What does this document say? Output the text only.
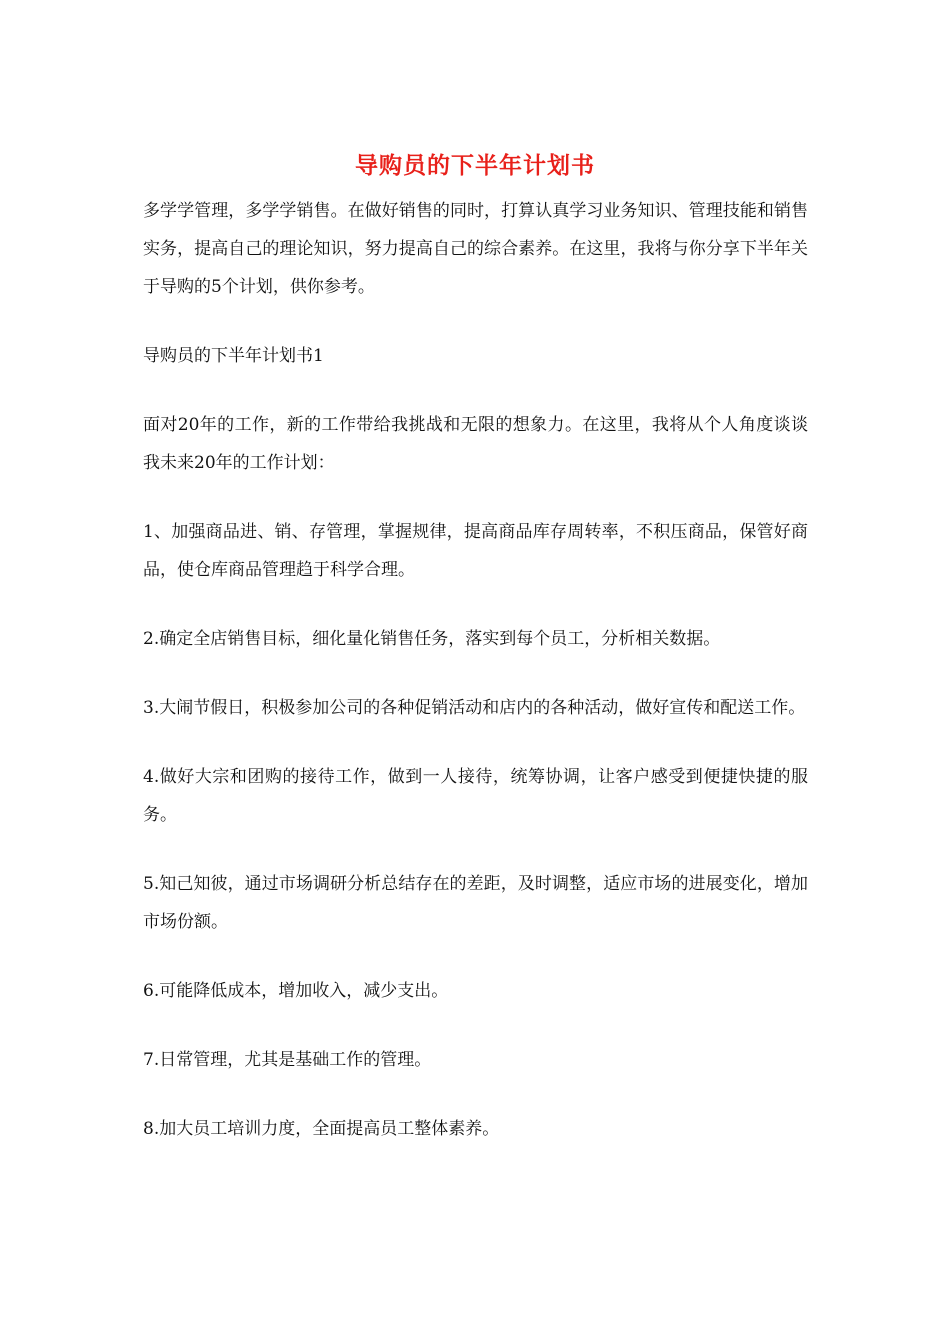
导购员的下半年计划书

多学学管理，多学学销售。在做好销售的同时，打算认真学习业务知识、管理技能和销售实务，提高自己的理论知识，努力提高自己的综合素养。在这里，我将与你分享下半年关于导购的5个计划，供你参考。

导购员的下半年计划书1

面对20年的工作，新的工作带给我挑战和无限的想象力。在这里，我将从个人角度谈谈我未来20年的工作计划：

1、加强商品进、销、存管理，掌握规律，提高商品库存周转率，不积压商品，保管好商品，使仓库商品管理趋于科学合理。

2.确定全店销售目标，细化量化销售任务，落实到每个员工，分析相关数据。

3.大闹节假日，积极参加公司的各种促销活动和店内的各种活动，做好宣传和配送工作。

4.做好大宗和团购的接待工作，做到一人接待，统筹协调，让客户感受到便捷快捷的服务。

5.知己知彼，通过市场调研分析总结存在的差距，及时调整，适应市场的进展变化，增加市场份额。

6.可能降低成本，增加收入，减少支出。

7.日常管理，尤其是基础工作的管理。

8.加大员工培训力度，全面提高员工整体素养。
